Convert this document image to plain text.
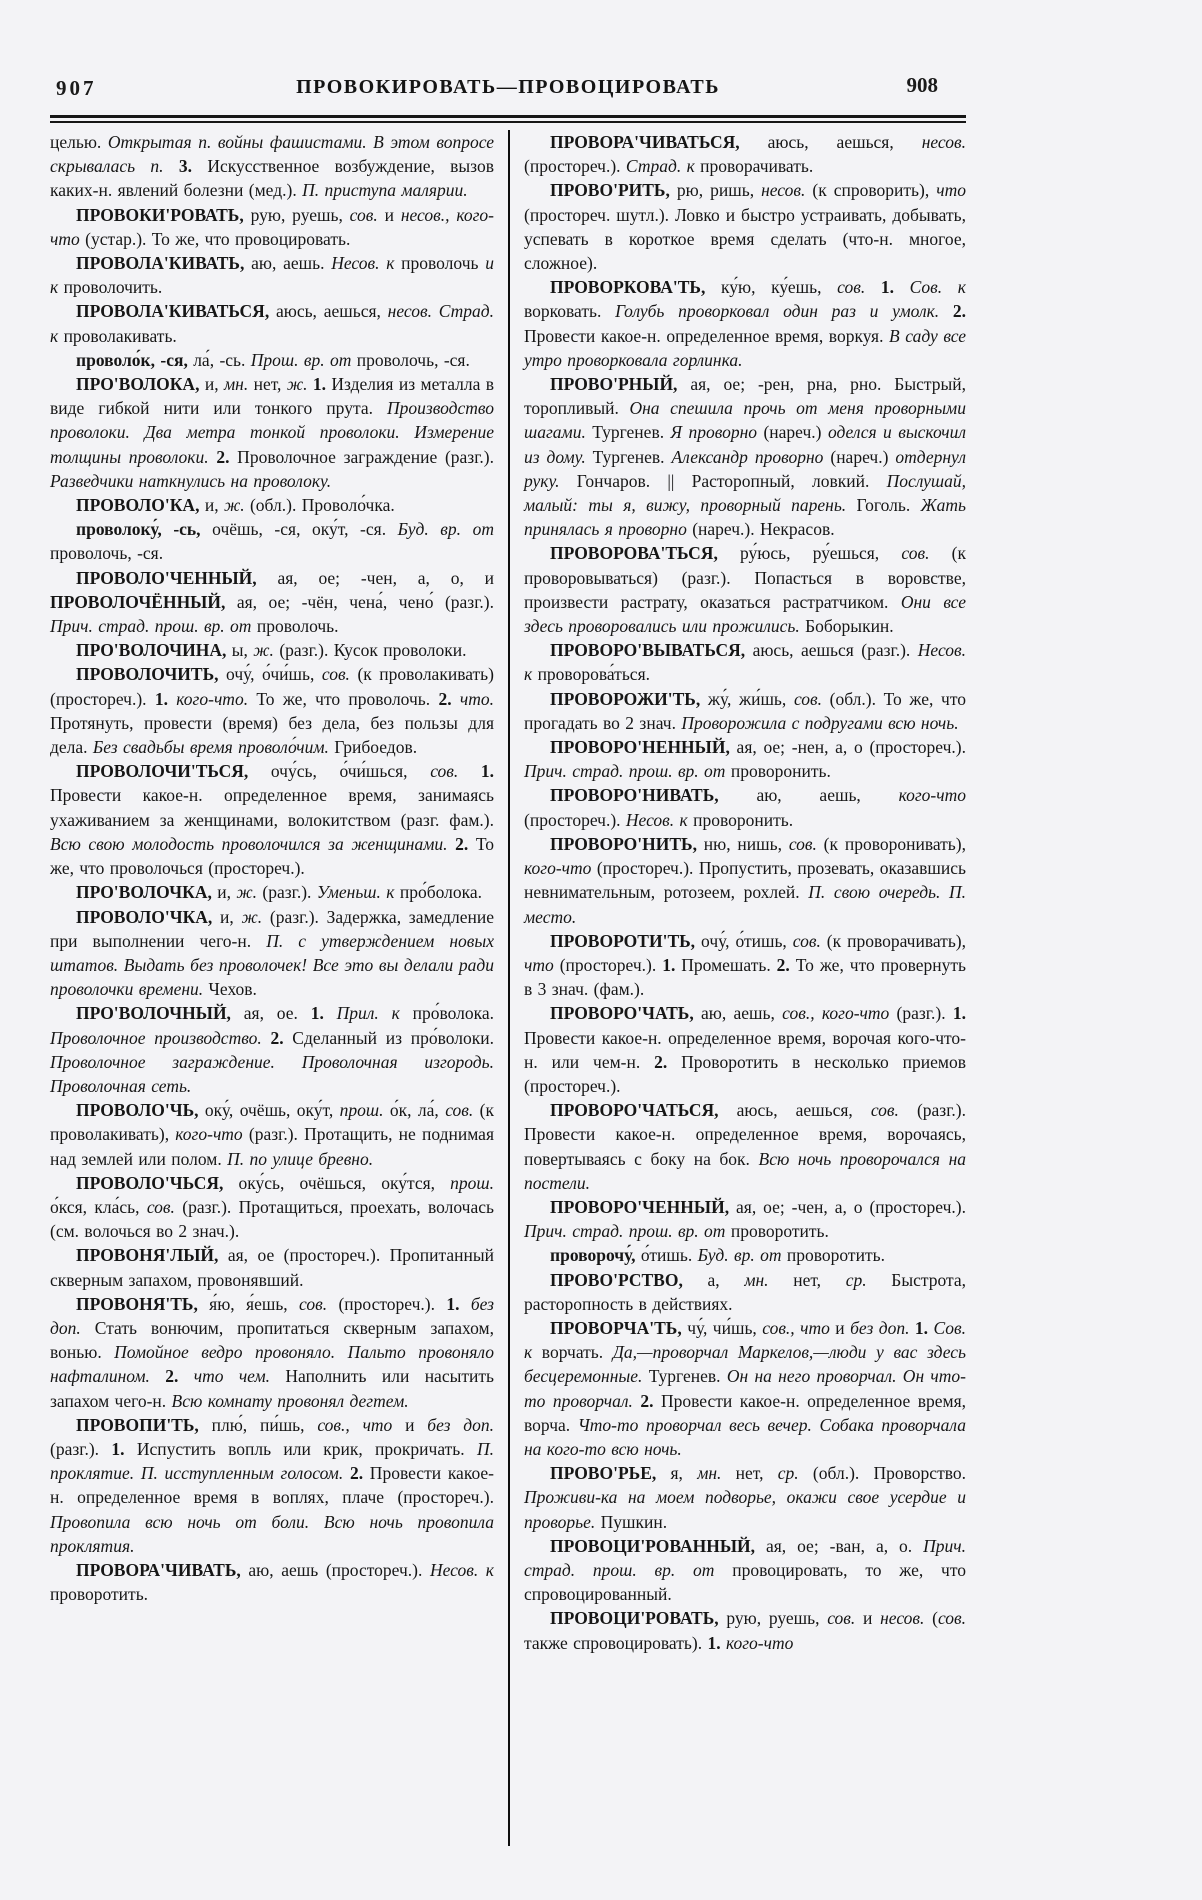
907	ПРОВОКИРОВАТЬ—ПРОВОЦИРОВАТЬ	908

целью. Открытая п. войны фашистами. В этом вопросе скрывалась п. 3. Искусственное возбуждение, вызов каких-н. явлений болезни (мед.). П. приступа малярии.

ПРОВОКИ'РОВАТЬ, рую, руешь, сов. и несов., кого-что (устар.). То же, что провоцировать.

ПРОВОЛА'КИВАТЬ, аю, аешь. Несов. к проволочь и к проволочить.

ПРОВОЛА'КИВАТЬСЯ, аюсь, аешься, несов. Страд. к проволакивать.

проволо́к, -ся, ла́, -сь. Прош. вр. от проволочь, -ся.

ПРО'ВОЛОКА, и, мн. нет, ж. 1. Изделия из металла в виде гибкой нити или тонкого прута. Производство проволоки. Два метра тонкой проволоки. Измерение толщины проволоки. 2. Проволочное заграждение (разг.). Разведчики наткнулись на проволоку.

ПРОВОЛО'КА, и, ж. (обл.). Проволо́чка.

проволоку́, -сь, очёшь, -ся, оку́т, -ся. Буд. вр. от проволочь, -ся.

ПРОВОЛО'ЧЕННЫЙ, ая, ое; -чен, а, о, и ПРОВОЛОЧЁННЫЙ, ая, ое; -чён, чена́, чено́ (разг.). Прич. страд. прош. вр. от проволочь.

ПРО'ВОЛОЧИНА, ы, ж. (разг.). Кусок проволоки.

ПРОВОЛОЧИТЬ, очу́, о́чи́шь, сов. (к проволакивать) (простореч.). 1. кого-что. То же, что проволочь. 2. что. Протянуть, провести (время) без дела, без пользы для дела. Без свадьбы время проволо́чим. Грибоедов.

ПРОВОЛОЧИ'ТЬСЯ, очу́сь, о́чи́шься, сов. 1. Провести какое-н. определенное время, занимаясь ухаживанием за женщинами, волокитством (разг. фам.). Всю свою молодость проволочился за женщинами. 2. То же, что проволочься (простореч.).

ПРО'ВОЛОЧКА, и, ж. (разг.). Уменьш. к про́болока.

ПРОВОЛО'ЧКА, и, ж. (разг.). Задержка, замедление при выполнении чего-н. П. с утверждением новых штатов. Выдать без проволочек! Все это вы делали ради проволочки времени. Чехов.

ПРО'ВОЛОЧНЫЙ, ая, ое. 1. Прил. к про́волока. Проволочное производство. 2. Сделанный из про́волоки. Проволочное заграждение. Проволочная изгородь. Проволочная сеть.

ПРОВОЛО'ЧЬ, оку́, очёшь, оку́т, прош. о́к, ла́, сов. (к проволакивать), кого-что (разг.). Протащить, не поднимая над землей или полом. П. по улице бревно.

ПРОВОЛО'ЧЬСЯ, оку́сь, очёшься, оку́тся, прош. о́кся, кла́сь, сов. (разг.). Протащиться, проехать, волочась (см. волочься во 2 знач.).

ПРОВОНЯ'ЛЫЙ, ая, ое (простореч.). Пропитанный скверным запахом, провонявший.

ПРОВОНЯ'ТЬ, я́ю, я́ешь, сов. (простореч.). 1. без доп. Стать вонючим, пропитаться скверным запахом, вонью. Помойное ведро провоняло. Пальто провоняло нафталином. 2. что чем. Наполнить или насытить запахом чего-н. Всю комнату провонял дегтем.

ПРОВОПИ'ТЬ, плю́, пи́шь, сов., что и без доп. (разг.). 1. Испустить вопль или крик, прокричать. П. проклятие. П. исступленным голосом. 2. Провести какое-н. определенное время в воплях, плаче (простореч.). Провопила всю ночь от боли. Всю ночь провопила проклятия.

ПРОВОРА'ЧИВАТЬ, аю, аешь (простореч.). Несов. к проворотить.

ПРОВОРА'ЧИВАТЬСЯ, аюсь, аешься, несов. (простореч.). Страд. к проворачивать.

ПРОВО'РИТЬ, рю, ришь, несов. (к спроворить), что (простореч. шутл.). Ловко и быстро устраивать, добывать, успевать в короткое время сделать (что-н. многое, сложное).

ПРОВОРКОВА'ТЬ, ку́ю, ку́ешь, сов. 1. Сов. к ворковать. Голубь проворковал один раз и умолк. 2. Провести какое-н. определенное время, воркуя. В саду все утро проворковала горлинка.

ПРОВО'РНЫЙ, ая, ое; -рен, рна, рно. Быстрый, торопливый. Она спешила прочь от меня проворными шагами. Тургенев. Я проворно (нареч.) оделся и выскочил из дому. Тургенев. Александр проворно (нареч.) отдернул руку. Гончаров. || Расторопный, ловкий. Послушай, малый: ты я, вижу, проворный парень. Гоголь. Жать принялась я проворно (нареч.). Некрасов.

ПРОВОРОВА'ТЬСЯ, ру́юсь, ру́ешься, сов. (к проворовываться) (разг.). Попасться в воровстве, произвести растрату, оказаться растратчиком. Они все здесь проворовались или прожились. Боборыкин.

ПРОВОРО'ВЫВАТЬСЯ, аюсь, аешься (разг.). Несов. к проворова́ться.

ПРОВОРОЖИ'ТЬ, жу́, жи́шь, сов. (обл.). То же, что прогадать во 2 знач. Проворожила с подругами всю ночь.

ПРОВОРО'НЕННЫЙ, ая, ое; -нен, а, о (простореч.). Прич. страд. прош. вр. от проворонить.

ПРОВОРО'НИВАТЬ, аю, аешь, кого-что (простореч.). Несов. к проворонить.

ПРОВОРО'НИТЬ, ню, нишь, сов. (к проворонивать), кого-что (простореч.). Пропустить, прозевать, оказавшись невнимательным, ротозеем, рохлей. П. свою очередь. П. место.

ПРОВОРОТИ'ТЬ, очу́, о́тишь, сов. (к проворачивать), что (простореч.). 1. Промешать. 2. То же, что провернуть в 3 знач. (фам.).

ПРОВОРО'ЧАТЬ, аю, аешь, сов., кого-что (разг.). 1. Провести какое-н. определенное время, ворочая кого-что-н. или чем-н. 2. Проворотить в несколько приемов (простореч.).

ПРОВОРО'ЧАТЬСЯ, аюсь, аешься, сов. (разг.). Провести какое-н. определенное время, ворочаясь, повертываясь с боку на бок. Всю ночь проворочался на постели.

ПРОВОРО'ЧЕННЫЙ, ая, ое; -чен, а, о (простореч.). Прич. страд. прош. вр. от проворотить.

проворочу́, о́тишь. Буд. вр. от проворотить.

ПРОВО'РСТВО, а, мн. нет, ср. Быстрота, расторопность в действиях.

ПРОВОРЧА'ТЬ, чу́, чи́шь, сов., что и без доп. 1. Сов. к ворчать. Да,—проворчал Маркелов,—люди у вас здесь бесцеремонные. Тургенев. Он на него проворчал. Он что-то проворчал. 2. Провести какое-н. определенное время, ворча. Что-то проворчал весь вечер. Собака проворчала на кого-то всю ночь.

ПРОВО'РЬЕ, я, мн. нет, ср. (обл.). Проворство. Проживи-ка на моем подворье, окажи свое усердие и проворье. Пушкин.

ПРОВОЦИ'РОВАННЫЙ, ая, ое; -ван, а, о. Прич. страд. прош. вр. от провоцировать, то же, что спровоцированный.

ПРОВОЦИ'РОВАТЬ, рую, руешь, сов. и несов. (сов. также спровоцировать). 1. кого-что
